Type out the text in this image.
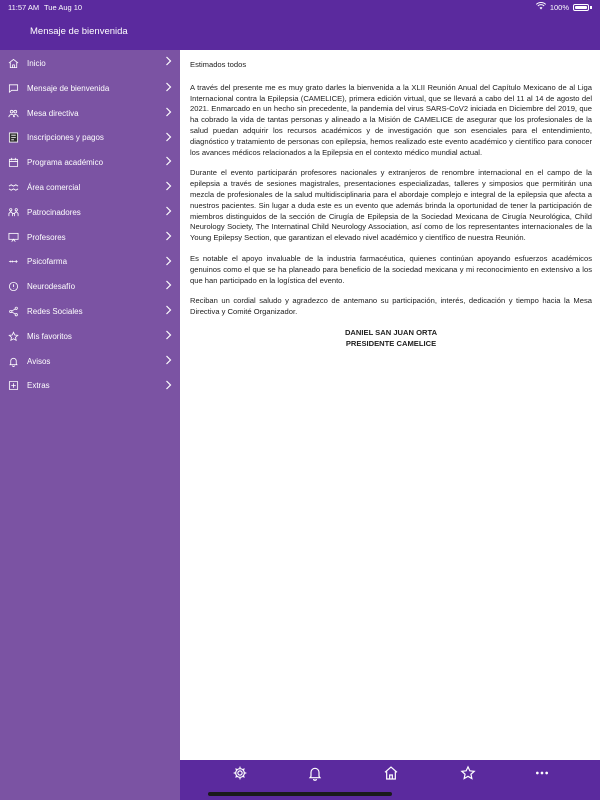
11:57 AM Tue Aug 10	100%
Mensaje de bienvenida
Inicio
Mensaje de bienvenida
Mesa directiva
Inscripciones y pagos
Programa académico
Área comercial
Patrocinadores
Profesores
Psicofarma
Neurodesafío
Redes Sociales
Mis favoritos
Avisos
Extras

Estimados todos

A través del presente me es muy grato darles la bienvenida a la XLII Reunión Anual del Capítulo Mexicano de al Liga Internacional contra la Epilepsia (CAMELICE), primera edición virtual, que se llevará a cabo del 11 al 14 de agosto del 2021. Enmarcado en un hecho sin precedente, la pandemia del virus SARS-CoV2 iniciada en Diciembre del 2019, que ha cobrado la vida de tantas personas y alineado a la Misión de CAMELICE de asegurar que los profesionales de la salud puedan adquirir los recursos académicos y de investigación que son esenciales para el entendimiento, diagnóstico y tratamiento de personas con epilepsia, hemos realizado este evento académico y científico para conocer los avances médicos relacionados a la Epilepsia en el contexto médico mundial actual.

Durante el evento participarán profesores nacionales y extranjeros de renombre internacional en el campo de la epilepsia a través de sesiones magistrales, presentaciones especializadas, talleres y simposios que permitirán una mezcla de profesionales de la salud multidisciplinaria para el abordaje complejo e integral de la epilepsia que afecta a nuestros pacientes. Sin lugar a duda este es un evento que además brinda la oportunidad de tener la participación de miembros distinguidos de la sección de Cirugía de Epilepsia de la Sociedad Mexicana de Cirugía Neurológica, Child Neurology Society, The Internatinal Child Neurology Association, así como de los representantes internacionales de la Young Epilepsy Section, que garantizan el elevado nivel académico y científico de nuestra Reunión.

Es notable el apoyo invaluable de la industria farmacéutica, quienes continúan apoyando esfuerzos académicos genuinos como el que se ha planeado para beneficio de la sociedad mexicana y mi reconocimiento en extensivo a los que han participado en la logística del evento.

Reciban un cordial saludo y agradezco de antemano su participación, interés, dedicación y tiempo hacia la Mesa Directiva y Comité Organizador.

DANIEL SAN JUAN ORTA
PRESIDENTE CAMELICE
